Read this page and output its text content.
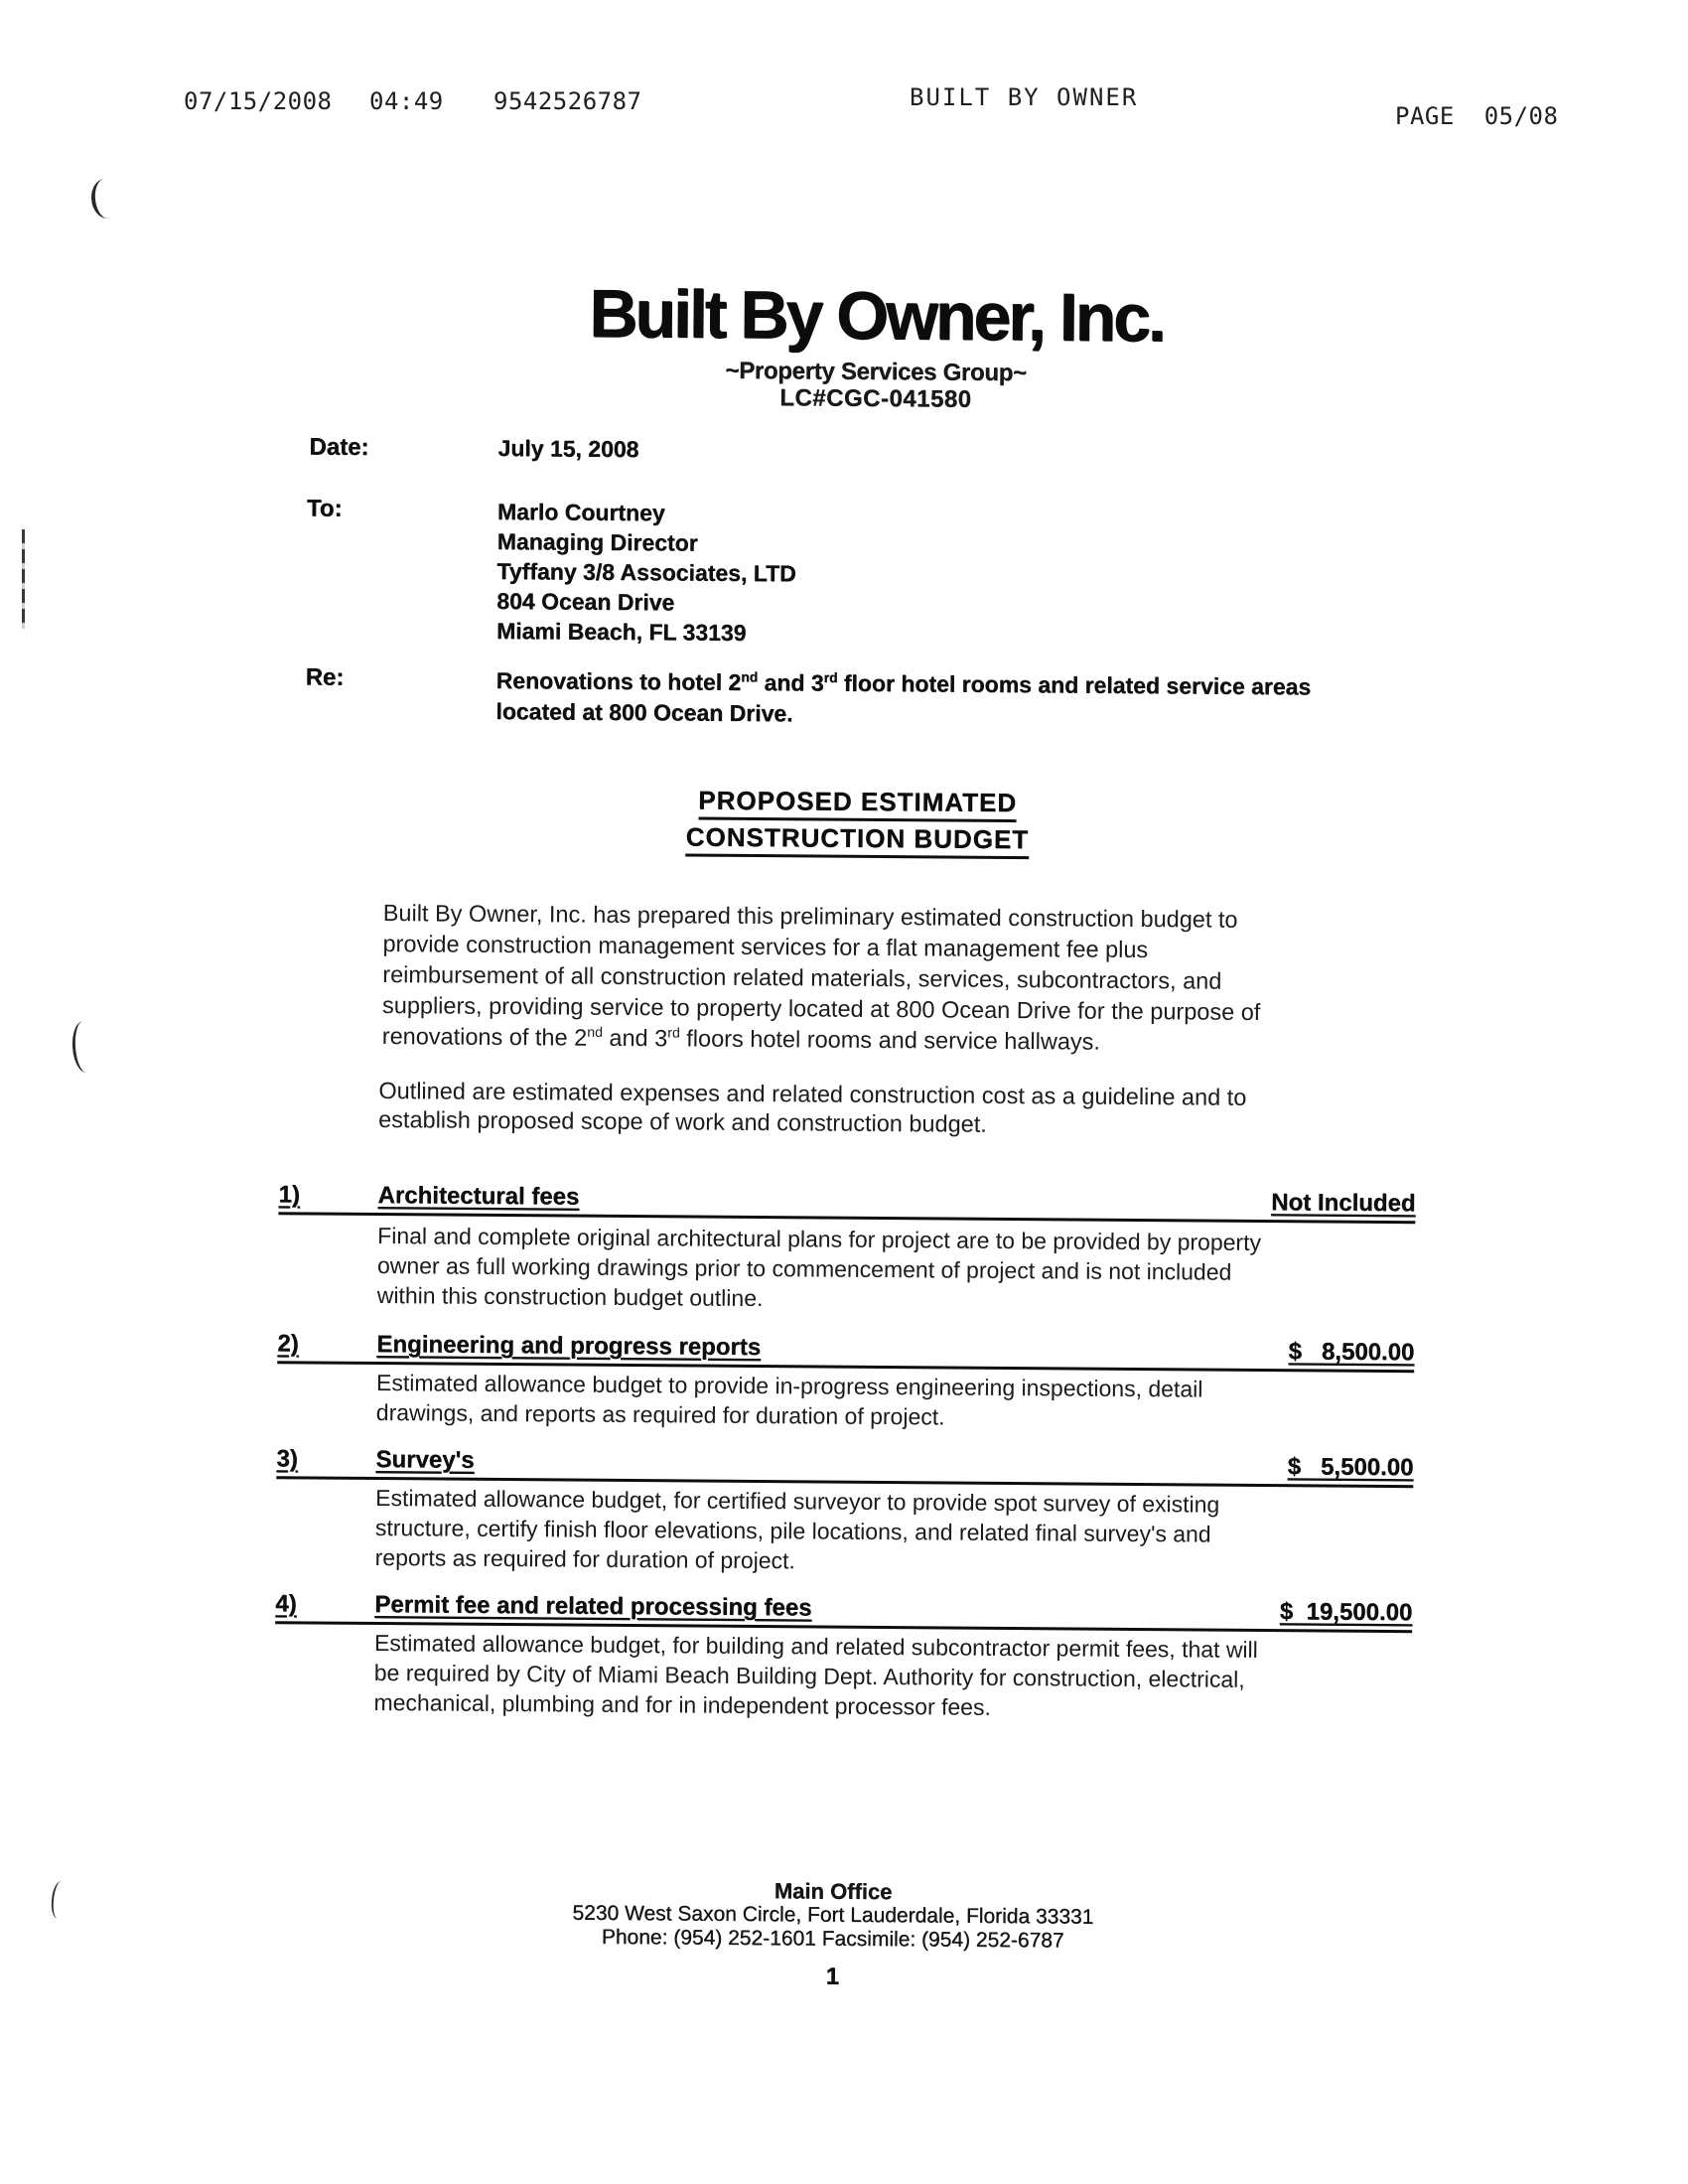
07/15/2008 04:49 9542526787	BUILT BY OWNER
PAGE  05/08
Built By Owner, Inc.
~Property Services Group~
LC#CGC-041580
Date:	July 15, 2008
To:	Marlo Courtney
Managing Director
Tyffany 3/8 Associates, LTD
804 Ocean Drive
Miami Beach, FL 33139
Re:	Renovations to hotel 2nd and 3rd floor hotel rooms and related service areas
located at 800 Ocean Drive.
PROPOSED ESTIMATED
CONSTRUCTION BUDGET
Built By Owner, Inc. has prepared this preliminary estimated construction budget to
provide construction management services for a flat management fee plus
reimbursement of all construction related materials, services, subcontractors, and
suppliers, providing service to property located at 800 Ocean Drive for the purpose of
renovations of the 2nd and 3rd floors hotel rooms and service hallways.
Outlined are estimated expenses and related construction cost as a guideline and to
establish proposed scope of work and construction budget.
1)	Architectural fees	Not Included
Final and complete original architectural plans for project are to be provided by property
owner as full working drawings prior to commencement of project and is not included
within this construction budget outline.
2)	Engineering and progress reports	$   8,500.00
Estimated allowance budget to provide in-progress engineering inspections, detail
drawings, and reports as required for duration of project.
3)	Survey's	$   5,500.00
Estimated allowance budget, for certified surveyor to provide spot survey of existing
structure, certify finish floor elevations, pile locations, and related final survey's and
reports as required for duration of project.
4)	Permit fee and related processing fees	$  19,500.00
Estimated allowance budget, for building and related subcontractor permit fees, that will
be required by City of Miami Beach Building Dept. Authority for construction, electrical,
mechanical, plumbing and for in independent processor fees.
Main Office
5230 West Saxon Circle, Fort Lauderdale, Florida 33331
Phone: (954) 252-1601 Facsimile: (954) 252-6787
1
